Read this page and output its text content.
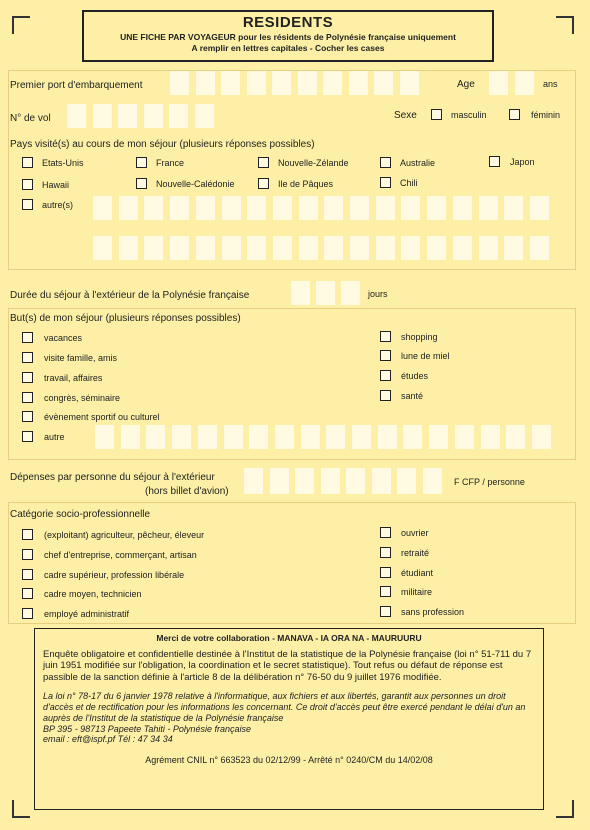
RESIDENTS
UNE FICHE PAR VOYAGEUR pour les résidents de Polynésie française uniquement
A remplir en lettres capitales - Cocher les cases
Premier port d'embarquement	Age	ans
N° de vol	Sexe	masculin	féminin
Pays visité(s) au cours de mon séjour (plusieurs réponses possibles)
Etats-Unis	France	Nouvelle-Zélande	Australie	Japon
Hawaii	Nouvelle-Calédonie	Ile de Pâques	Chili
autre(s)
Durée du séjour à l'extérieur de la Polynésie française	jours
But(s) de mon séjour (plusieurs réponses possibles)
vacances
visite famille, amis
travail, affaires
congrès, séminaire
évènement sportif ou culturel
autre
shopping
lune de miel
études
santé
Dépenses par personne du séjour à l'extérieur
(hors billet d'avion)
F CFP / personne
Catégorie socio-professionnelle
(exploitant) agriculteur, pêcheur, éleveur
chef d'entreprise, commerçant, artisan
cadre supérieur, profession libérale
cadre moyen, technicien
employé administratif
ouvrier
retraité
étudiant
militaire
sans profession
Merci de votre collaboration - MANAVA - IA ORA NA - MAURUURU

Enquête obligatoire et confidentielle destinée à l'Institut de la statistique de la Polynésie française (loi n° 51-711 du 7 juin 1951 modifiée sur l'obligation, la coordination et le secret statistique). Tout refus ou défaut de réponse est passible de la sanction définie à l'article 8 de la délibération n° 76-50 du 9 juillet 1976 modifiée.

La loi n° 78-17 du 6 janvier 1978 relative à l'informatique, aux fichiers et aux libertés, garantit aux personnes un droit d'accès et de rectification pour les informations les concernant. Ce droit d'accès peut être exercé pendant le délai d'un an auprès de l'Institut de la statistique de la Polynésie française

BP 395 - 98713 Papeete Tahiti - Polynésie française

email : eft@ispf.pf Tél : 47 34 34

Agrément CNIL n° 663523 du 02/12/99 - Arrêté n° 0240/CM du 14/02/08
